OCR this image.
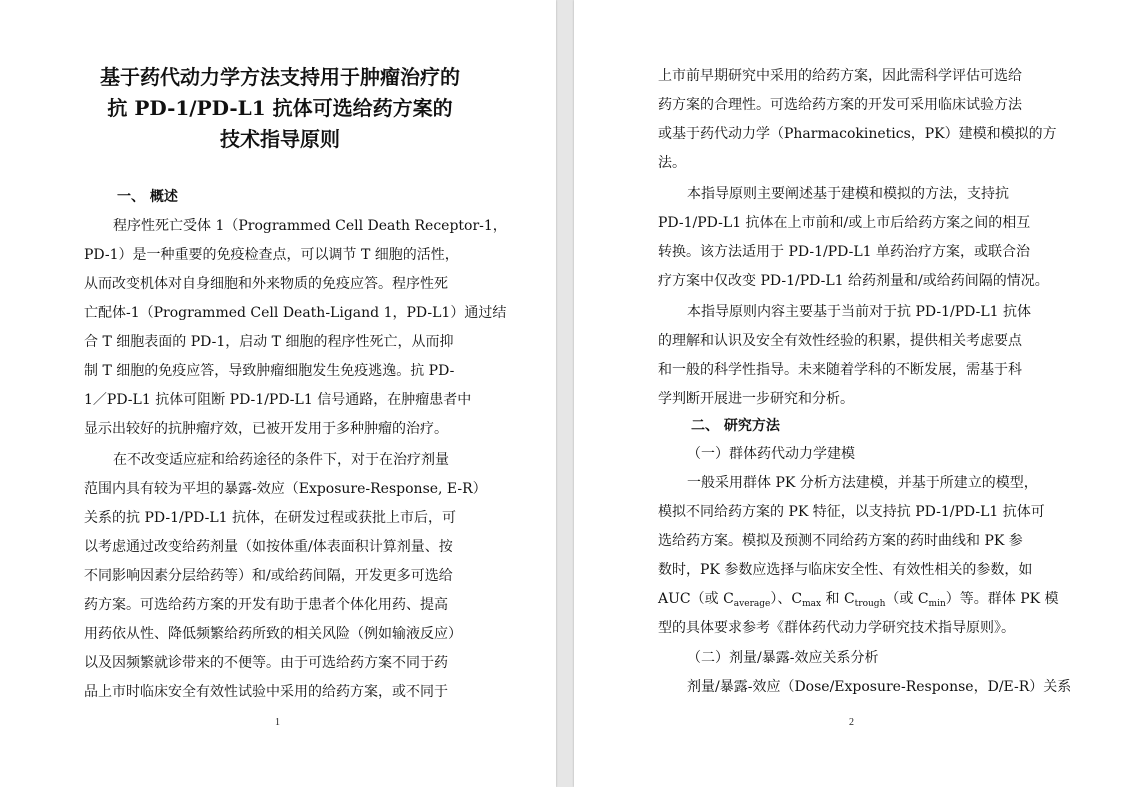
基于药代动力学方法支持用于肿瘤治疗的
抗 PD-1/PD-L1 抗体可选给药方案的
技术指导原则
一、 概述
程序性死亡受体 1（Programmed Cell Death Receptor-1，
PD-1）是一种重要的免疫检查点，可以调节 T 细胞的活性，
从而改变机体对自身细胞和外来物质的免疫应答。程序性死
亡配体-1（Programmed Cell Death-Ligand 1，PD-L1）通过结
合 T 细胞表面的 PD-1，启动 T 细胞的程序性死亡，从而抑
制 T 细胞的免疫应答，导致肿瘤细胞发生免疫逃逸。抗 PD-
1／PD-L1 抗体可阻断 PD-1/PD-L1 信号通路，在肿瘤患者中
显示出较好的抗肿瘤疗效，已被开发用于多种肿瘤的治疗。
在不改变适应症和给药途径的条件下，对于在治疗剂量
范围内具有较为平坦的暴露-效应（Exposure-Response, E-R）
关系的抗 PD-1/PD-L1 抗体，在研发过程或获批上市后，可
以考虑通过改变给药剂量（如按体重/体表面积计算剂量、按
不同影响因素分层给药等）和/或给药间隔，开发更多可选给
药方案。可选给药方案的开发有助于患者个体化用药、提高
用药依从性、降低频繁给药所致的相关风险（例如输液反应）
以及因频繁就诊带来的不便等。由于可选给药方案不同于药
品上市时临床安全有效性试验中采用的给药方案，或不同于
1
上市前早期研究中采用的给药方案，因此需科学评估可选给
药方案的合理性。可选给药方案的开发可采用临床试验方法
或基于药代动力学（Pharmacokinetics，PK）建模和模拟的方
法。
本指导原则主要阐述基于建模和模拟的方法，支持抗
PD-1/PD-L1 抗体在上市前和/或上市后给药方案之间的相互
转换。该方法适用于 PD-1/PD-L1 单药治疗方案，或联合治
疗方案中仅改变 PD-1/PD-L1 给药剂量和/或给药间隔的情况。
本指导原则内容主要基于当前对于抗 PD-1/PD-L1 抗体
的理解和认识及安全有效性经验的积累，提供相关考虑要点
和一般的科学性指导。未来随着学科的不断发展，需基于科
学判断开展进一步研究和分析。
二、 研究方法
（一）群体药代动力学建模
一般采用群体 PK 分析方法建模，并基于所建立的模型，
模拟不同给药方案的 PK 特征，以支持抗 PD-1/PD-L1 抗体可
选给药方案。模拟及预测不同给药方案的药时曲线和 PK 参
数时，PK 参数应选择与临床安全性、有效性相关的参数，如
AUC（或 $C_{average}$）、$C_{max}$ 和 $C_{trough}$（或 $C_{min}$）等。群体 PK 模
型的具体要求参考《群体药代动力学研究技术指导原则》。
（二）剂量/暴露-效应关系分析
剂量/暴露-效应（Dose/Exposure-Response，D/E-R）关系
2
